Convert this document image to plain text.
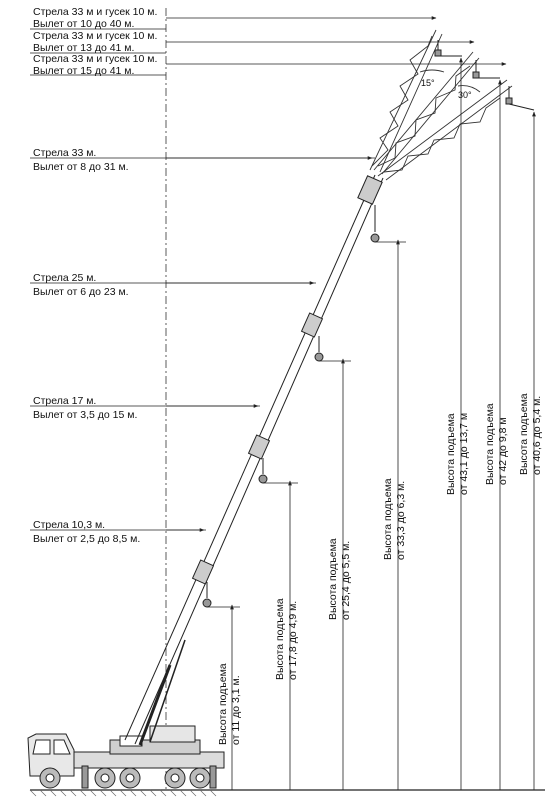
15°
30°
Стрела 33 м и гусек 10 м.
Вылет от 10 до 40 м.
Стрела 33 м и гусек 10 м.
Вылет от 13 до 41 м.
Стрела 33 м и гусек 10 м.
Вылет от 15 до 41 м.
Стрела 33 м.
Вылет от 8 до 31 м.
Стрела 25 м.
Вылет от 6 до 23 м.
Стрела 17 м.
Вылет от 3,5 до 15 м.
Стрела 10,3 м.
Вылет от 2,5 до 8,5 м.
Высота подъема от 11 до 3,1 м.
Высота подъема от 17,8 до 4,9 м.
Высота подъема от 25,4 до 5,5 м.
Высота подъема от 33,3 до 6,3 м.
Высота подъема от 43,1 до 13,7 м Высота подъема от 42 до 9,8 м Высота подъема от 40,6 до 5,4 м.
